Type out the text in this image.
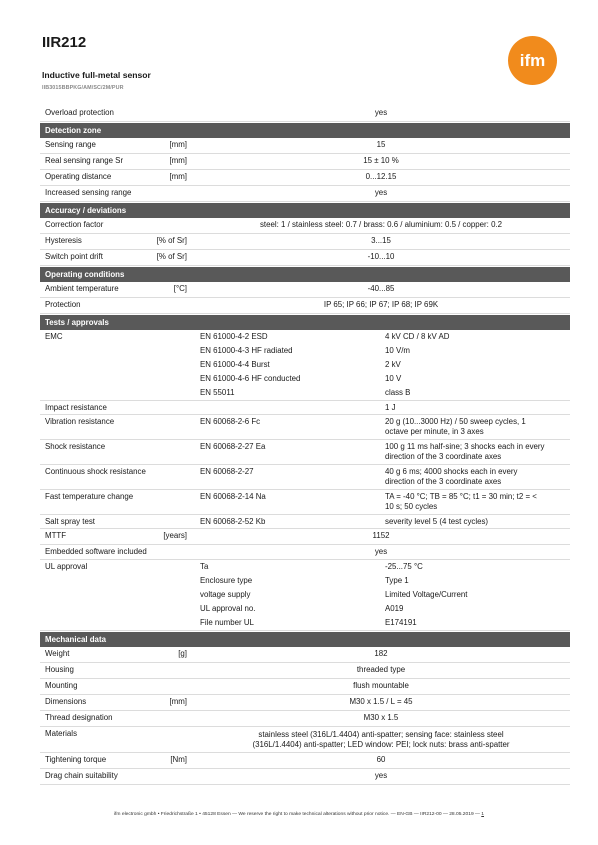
IIR212
Inductive full-metal sensor
IIB3015BBPKG/AM/SC/2M/PUR
ifm
Overload protection	yes
Detection zone
Sensing range	[mm]	15
Real sensing range Sr	[mm]	15 ± 10 %
Operating distance	[mm]	0...12.15
Increased sensing range	yes
Accuracy / deviations
Correction factor	steel: 1 / stainless steel: 0.7 / brass: 0.6 / aluminium: 0.5 / copper: 0.2
Hysteresis	[% of Sr]	3...15
Switch point drift	[% of Sr]	-10...10
Operating conditions
Ambient temperature	[°C]	-40...85
Protection	IP 65; IP 66; IP 67; IP 68; IP 69K
Tests / approvals
EMC	EN 61000-4-2 ESD	4 kV CD / 8 kV AD
EN 61000-4-3 HF radiated	10 V/m
EN 61000-4-4 Burst	2 kV
EN 61000-4-6 HF conducted	10 V
EN 55011	class B
Impact resistance	1 J
Vibration resistance	EN 60068-2-6 Fc	20 g (10...3000 Hz) / 50 sweep cycles, 1
octave per minute, in 3 axes
Shock resistance	EN 60068-2-27 Ea	100 g 11 ms half-sine; 3 shocks each in every
direction of the 3 coordinate axes
Continuous shock resistance	EN 60068-2-27	40 g 6 ms; 4000 shocks each in every
direction of the 3 coordinate axes
Fast temperature change	EN 60068-2-14 Na	TA = -40 °C; TB = 85 °C; t1 = 30 min; t2 = <
10 s; 50 cycles
Salt spray test	EN 60068-2-52 Kb	severity level 5 (4 test cycles)
MTTF	[years]	1152
Embedded software included	yes
UL approval	Ta	-25...75 °C
Enclosure type	Type 1
voltage supply	Limited Voltage/Current
UL approval no.	A019
File number UL	E174191
Mechanical data
Weight	[g]	182
Housing	threaded type
Mounting	flush mountable
Dimensions	[mm]	M30 x 1.5 / L = 45
Thread designation	M30 x 1.5
Materials	stainless steel (316L/1.4404) anti-spatter; sensing face: stainless steel
(316L/1.4404) anti-spatter; LED window: PEI; lock nuts: brass anti-spatter
Tightening torque	[Nm]	60
Drag chain suitability	yes
ifm electronic gmbh • Friedrichstraße 1 • 45128 Essen — We reserve the right to make technical alterations without prior notice. — EN-GB — IIR212-00 — 28.05.2019 — 1
